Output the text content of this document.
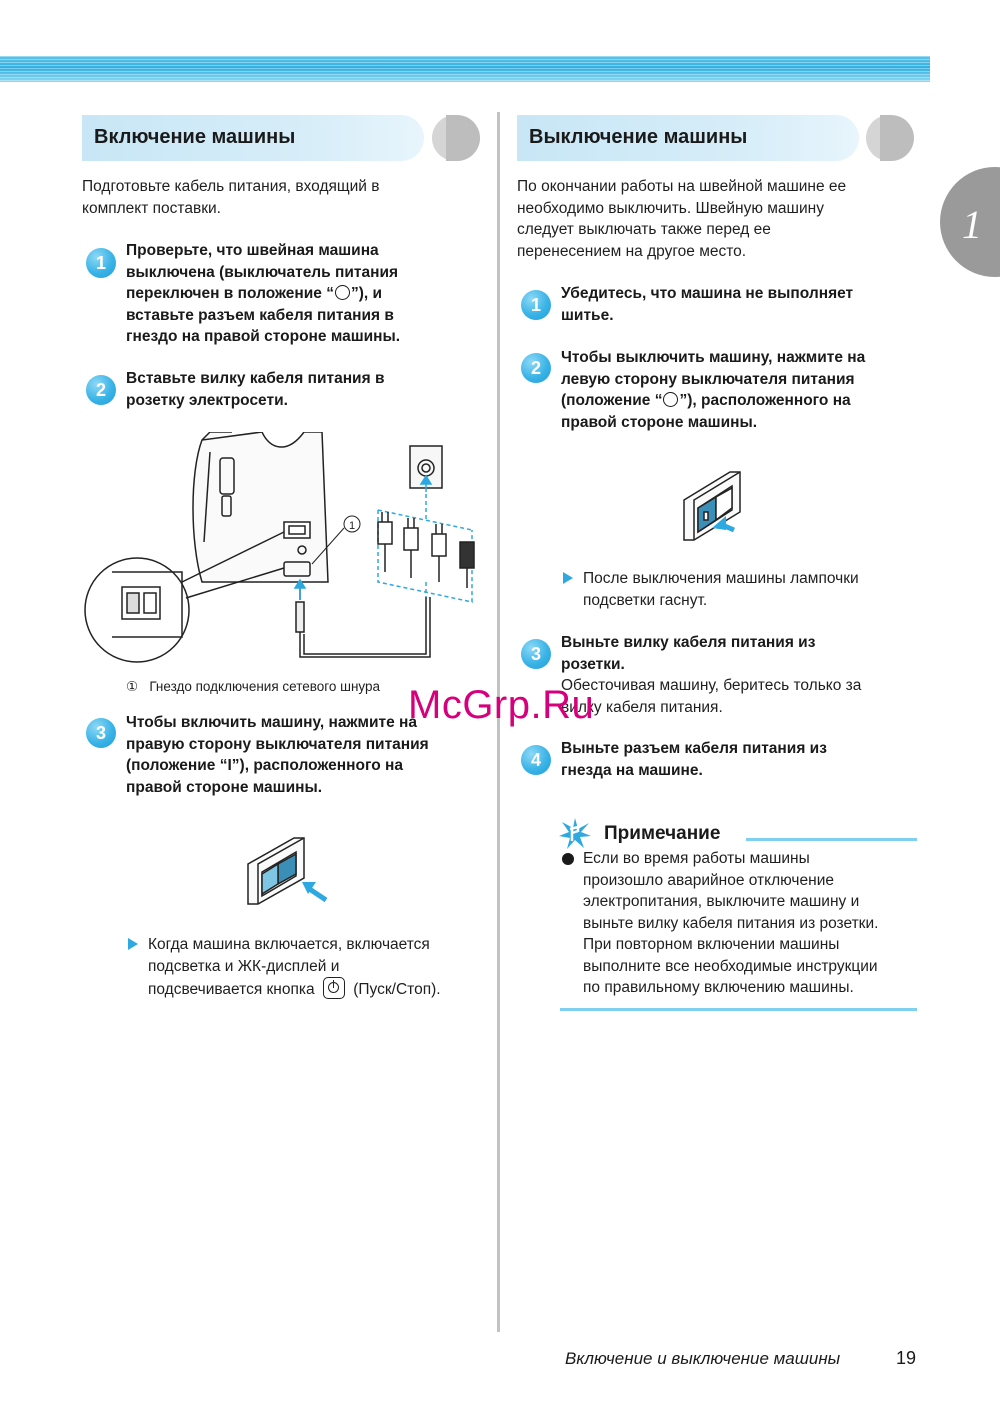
1
Включение машины
Подготовьте кабель питания, входящий в
комплект поставки.
1
Проверьте, что швейная машина
выключена (выключатель питания
переключен в положение “ ”), и
вставьте разъем кабеля питания в
гнездо на правой стороне машины.
2
Вставьте вилку кабеля питания в
розетку электросети.
1
① Гнездо подключения сетевого шнура
3
Чтобы включить машину, нажмите на
правую сторону выключателя питания
(положение “I”), расположенного на
правой стороне машины.
Когда машина включается, включается
подсветка и ЖК-дисплей и
подсвечивается кнопка (Пуск/Стоп).
Выключение машины
По окончании работы на швейной машине ее
необходимо выключить. Швейную машину
следует выключать также перед ее
перенесением на другое место.
1
Убедитесь, что машина не выполняет
шитье.
2
Чтобы выключить машину, нажмите на
левую сторону выключателя питания
(положение “ ”), расположенного на
правой стороне машины.
После выключения машины лампочки
подсветки гаснут.
3
Выньте вилку кабеля питания из
розетки.
Обесточивая машину, беритесь только за
вилку кабеля питания.
4
Выньте разъем кабеля питания из
гнезда на машине.
Примечание
Если во время работы машины
произошло аварийное отключение
электропитания, выключите машину и
выньте вилку кабеля питания из розетки.
При повторном включении машины
выполните все необходимые инструкции
по правильному включению машины.
McGrp.Ru
Включение и выключение машины	19
